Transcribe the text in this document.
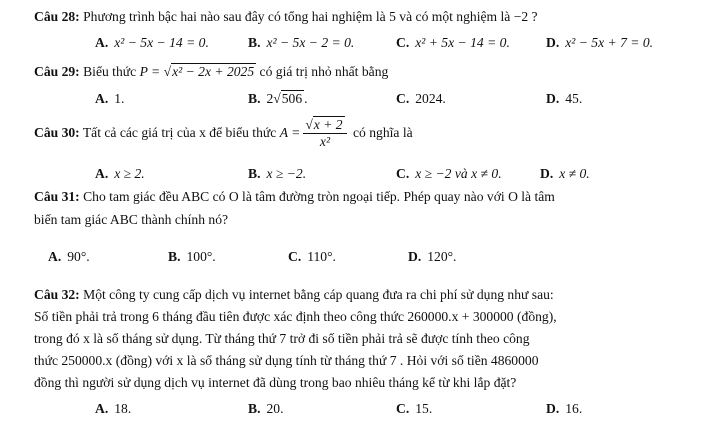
Câu 28: Phương trình bậc hai nào sau đây có tổng hai nghiệm là 5 và có một nghiệm là −2 ?
A. x² − 5x − 14 = 0.	B. x² − 5x − 2 = 0.	C. x² + 5x − 14 = 0.	D. x² − 5x + 7 = 0.
Câu 29: Biểu thức P = √x² − 2x + 2025 có giá trị nhỏ nhất bằng
A. 1.	B. 2√506 .	C. 2024.	D. 45.
Câu 30: Tất cả các giá trị của x để biểu thức $A = \frac{√x + 2}{\text{x²}}$ có nghĩa là
A. x ≥ 2.	B. x ≥ −2.	C. x ≥ −2 và x ≠ 0.	D. x ≠ 0.
Câu 31: Cho tam giác đều ABC có O là tâm đường tròn ngoại tiếp. Phép quay nào với O là tâm
biến tam giác ABC thành chính nó?
A. 90°.	B. 100°.	C. 110°.	D. 120°.
Câu 32: Một công ty cung cấp dịch vụ internet bằng cáp quang đưa ra chi phí sử dụng như sau:
Số tiền phải trả trong 6 tháng đầu tiên được xác định theo công thức 260000.x + 300000 (đồng),
trong đó x là số tháng sử dụng. Từ tháng thứ 7 trở đi số tiền phải trả sẽ được tính theo công
thức 250000.x (đồng) với x là số tháng sử dụng tính từ tháng thứ 7 . Hỏi với số tiền 4860000
đồng thì người sử dụng dịch vụ internet đã dùng trong bao nhiêu tháng kể từ khi lắp đặt?
A. 18.	B. 20.	C. 15.	D. 16.
